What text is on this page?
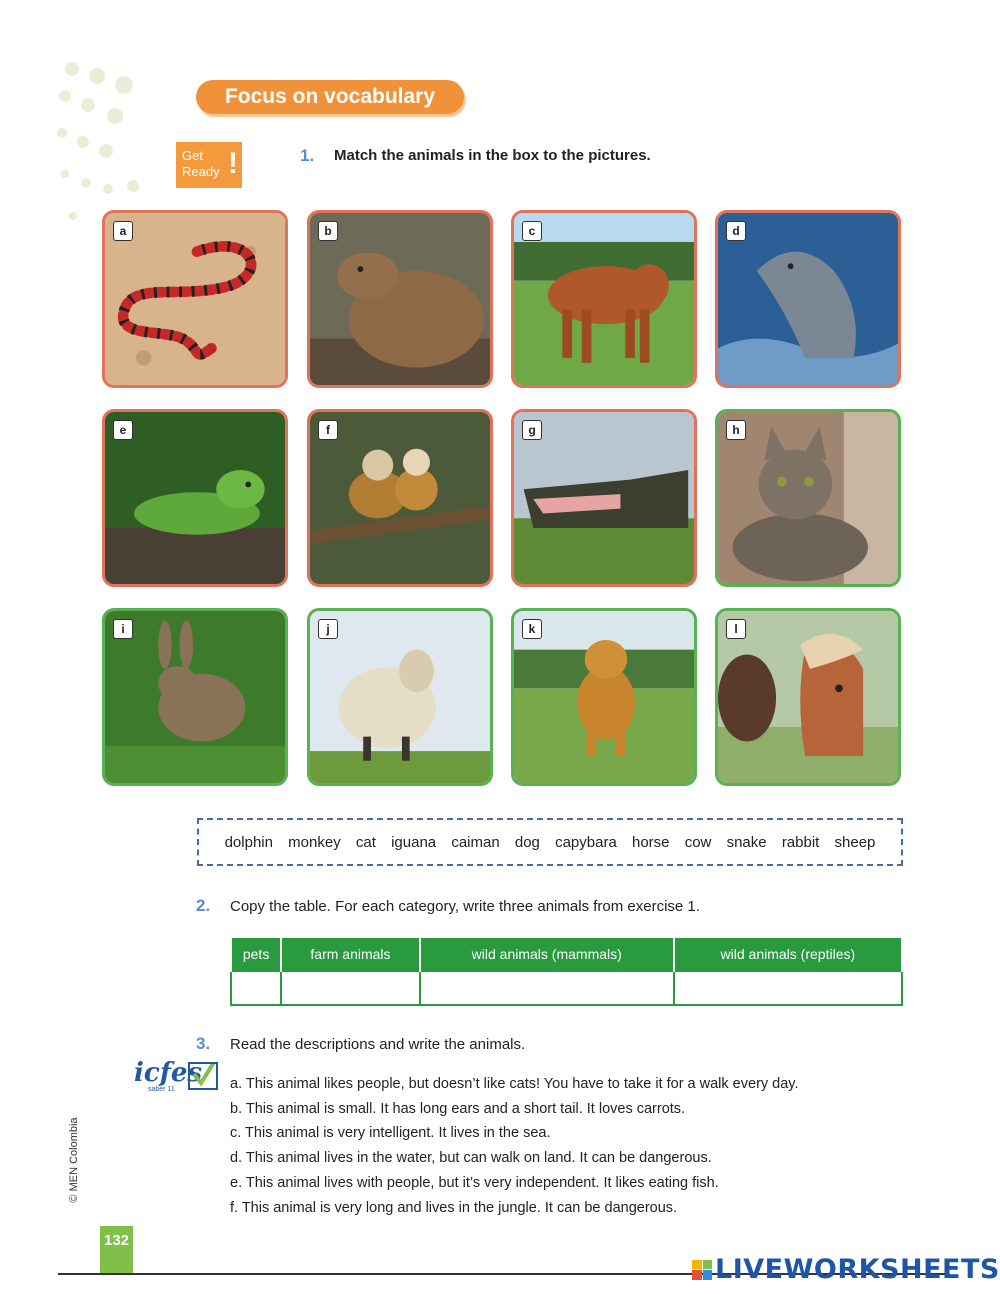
Focus on vocabulary
Get Ready !	1. Match the animals in the box to the pictures.
a	b	c	d
e	f	g	h
i	j	k	l
dolphin monkey cat iguana caiman dog capybara horse cow snake rabbit sheep
2. Copy the table. For each category, write three animals from exercise 1.
pets	farm animals	wild animals (mammals)	wild animals (reptiles)

3. Read the descriptions and write the animals.
icfes
saber 11	a. This animal likes people, but doesn’t like cats! You have to take it for a walk every day.
b. This animal is small. It has long ears and a short tail. It loves carrots.
c. This animal is very intelligent. It lives in the sea.
d. This animal lives in the water, but can walk on land. It can be dangerous.
e. This animal lives with people, but it’s very independent. It likes eating fish.
f. This animal is very long and lives in the jungle. It can be dangerous.
© MEN Colombia
132
LIVEWORKSHEETS
